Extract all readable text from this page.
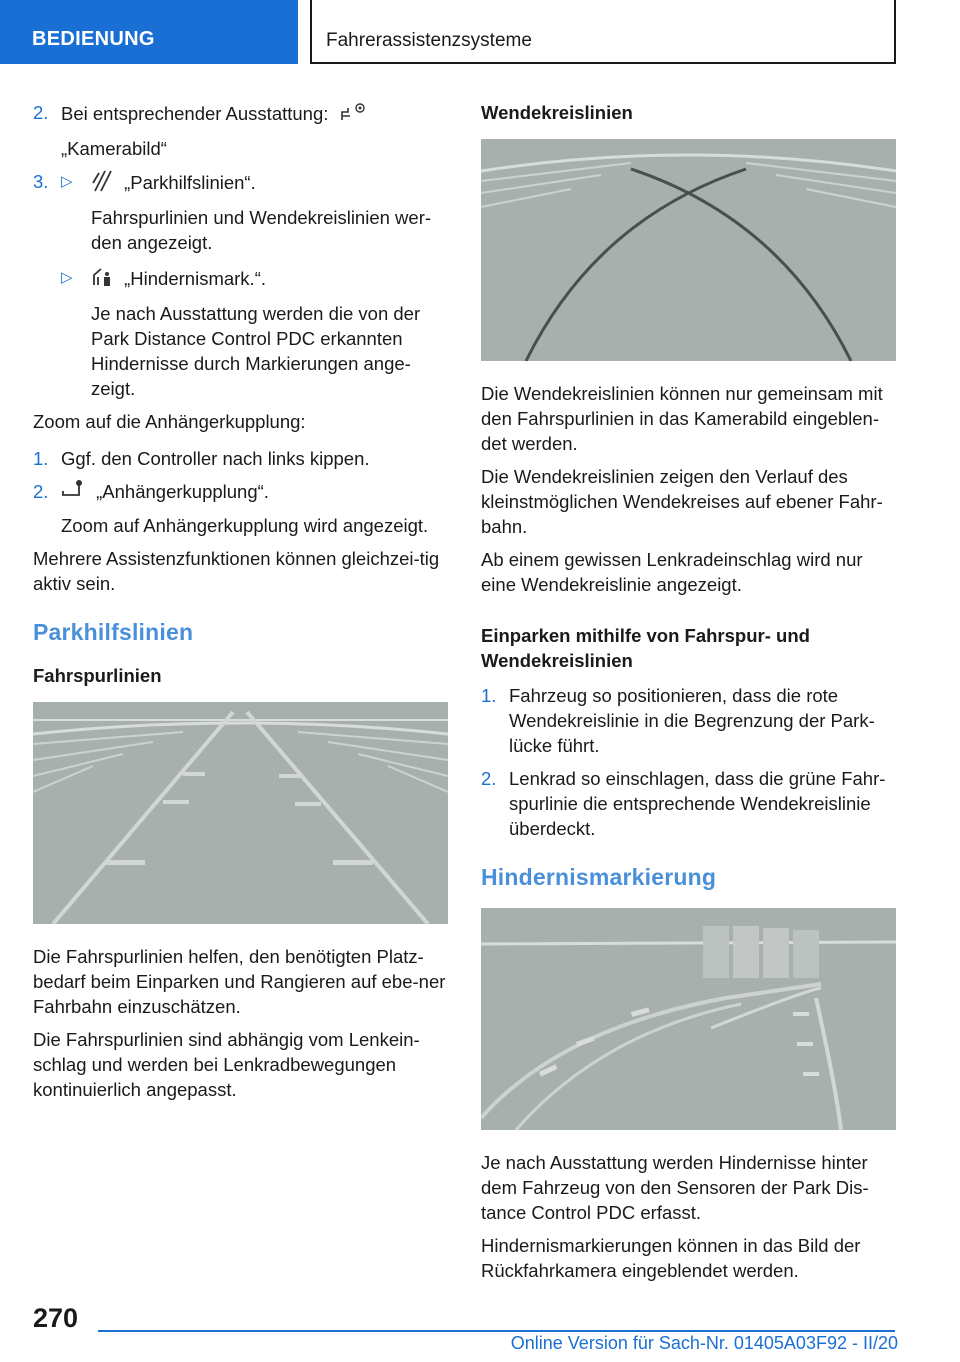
BEDIENUNG	Fahrerassistenzsysteme
2. Bei entsprechender Ausstattung:
„Kamerabild“
3. ▷	„Parkhilfslinien“.
Fahrspurlinien und Wendekreislinien wer-den angezeigt.
▷	„Hindernismark.“.
Je nach Ausstattung werden die von der Park Distance Control PDC erkannten Hindernisse durch Markierungen ange-zeigt.

Zoom auf die Anhängerkupplung:

1. Ggf. den Controller nach links kippen.
2.	„Anhängerkupplung“.
Zoom auf Anhängerkupplung wird angezeigt.

Mehrere Assistenzfunktionen können gleichzei-tig aktiv sein.

Parkhilfslinien
Fahrspurlinien

Die Fahrspurlinien helfen, den benötigten Platz-bedarf beim Einparken und Rangieren auf ebe-ner Fahrbahn einzuschätzen.

Die Fahrspurlinien sind abhängig vom Lenkein-schlag und werden bei Lenkradbewegungen kontinuierlich angepasst.

Wendekreislinien

Die Wendekreislinien können nur gemeinsam mit den Fahrspurlinien in das Kamerabild eingeblen-det werden.

Die Wendekreislinien zeigen den Verlauf des kleinstmöglichen Wendekreises auf ebener Fahr-bahn.

Ab einem gewissen Lenkradeinschlag wird nur eine Wendekreislinie angezeigt.

Einparken mithilfe von Fahrspur- und Wendekreislinien
1. Fahrzeug so positionieren, dass die rote Wendekreislinie in die Begrenzung der Park-lücke führt.
2. Lenkrad so einschlagen, dass die grüne Fahr-spurlinie die entsprechende Wendekreislinie überdeckt.
Hindernismarkierung

Je nach Ausstattung werden Hindernisse hinter dem Fahrzeug von den Sensoren der Park Dis-tance Control PDC erfasst.

Hindernismarkierungen können in das Bild der Rückfahrkamera eingeblendet werden.

270
Online Version für Sach-Nr. 01405A03F92 - II/20
